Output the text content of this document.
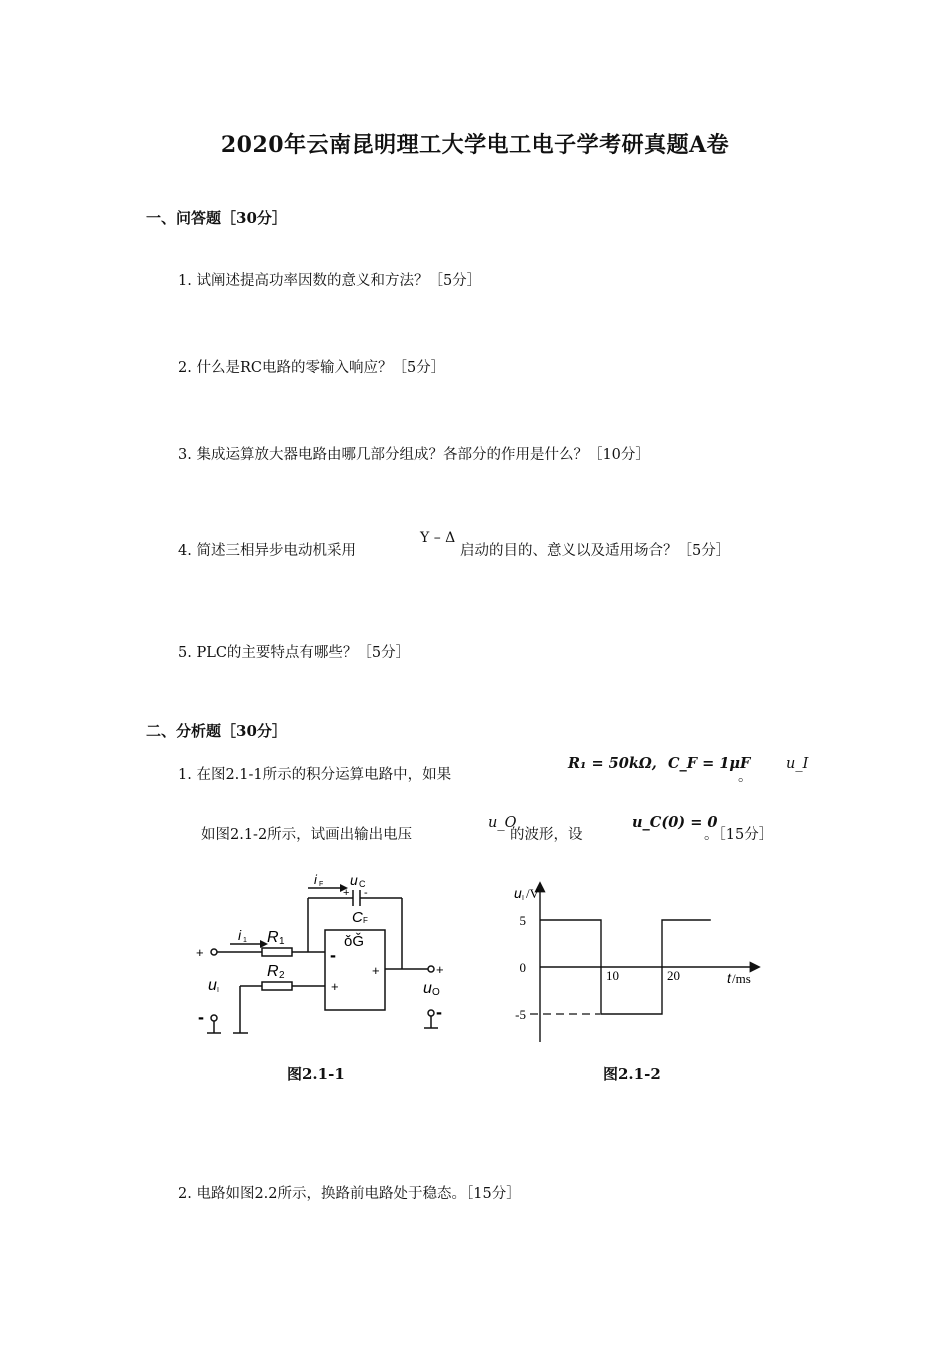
2020年云南昆明理工大学电工电子学考研真题A卷
一、问答题［30分］
1. 试阐述提高功率因数的意义和方法？［5分］
2. 什么是RC电路的零输入响应？［5分］
3. 集成运算放大器电路由哪几部分组成？各部分的作用是什么？［10分］
4. 简述三相异步电动机采用
Y – Δ
启动的目的、意义以及适用场合？［5分］
5. PLC的主要特点有哪些？［5分］
二、分析题［30分］
1. 在图2.1-1所示的积分运算电路中，如果
R₁ = 50kΩ, C_F = 1μF
。
u_I
如图2.1-2所示，试画出输出电压
u_O
的波形，设
u_C(0) = 0
。［15分］
i F u C
+ -
C F
ǒǦ
i 1 R 1
R 2
-
+
+
+
-
u I	u O
+
-
图2.1-1
5
0
-5
10	20
u I /V
t /ms
图2.1-2
2. 电路如图2.2所示，换路前电路处于稳态。［15分］
